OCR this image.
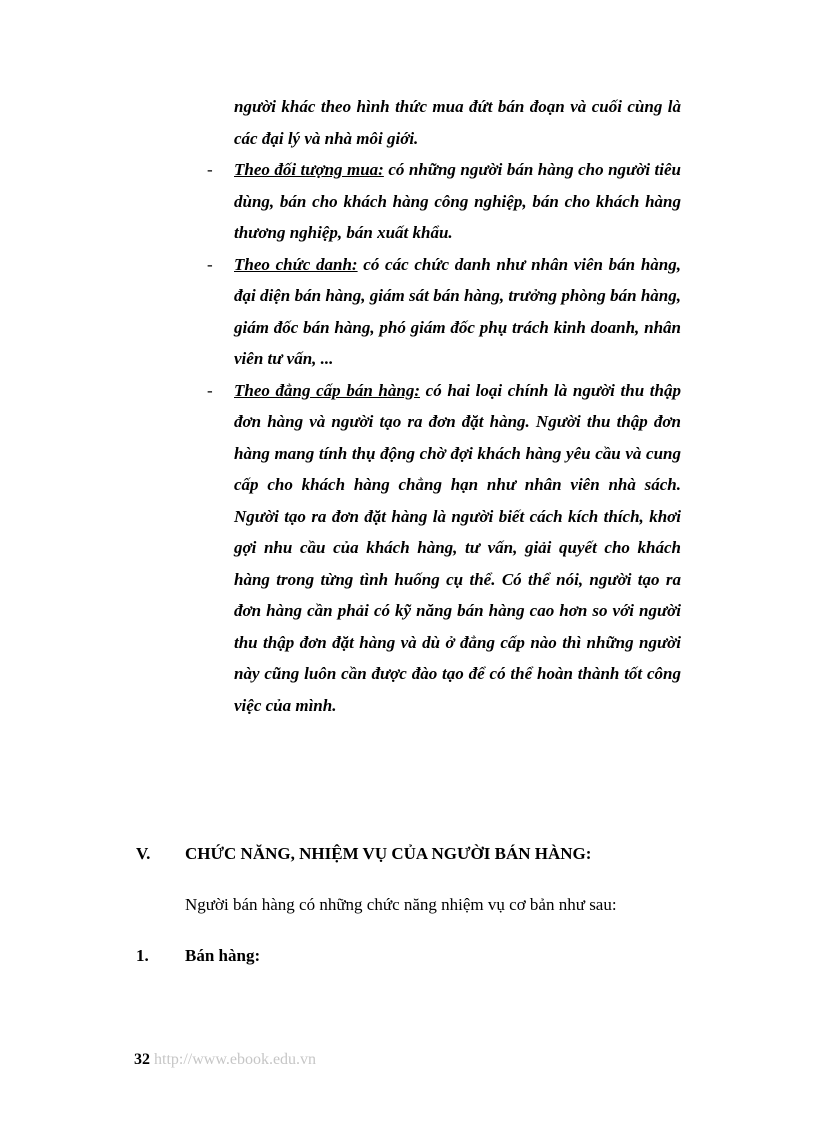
người khác theo hình thức mua đứt bán đoạn và cuối cùng là các đại lý và nhà môi giới.
- Theo đối tượng mua: có những người bán hàng cho người tiêu dùng, bán cho khách hàng công nghiệp, bán cho khách hàng thương nghiệp, bán xuất khẩu.
- Theo chức danh: có các chức danh như nhân viên bán hàng, đại diện bán hàng, giám sát bán hàng, trưởng phòng bán hàng, giám đốc bán hàng, phó giám đốc phụ trách kinh doanh, nhân viên tư vấn, ...
- Theo đẳng cấp bán hàng: có hai loại chính là người thu thập đơn hàng và người tạo ra đơn đặt hàng. Người thu thập đơn hàng mang tính thụ động chờ đợi khách hàng yêu cầu và cung cấp cho khách hàng chẳng hạn như nhân viên nhà sách. Người tạo ra đơn đặt hàng là người biết cách kích thích, khơi gợi nhu cầu của khách hàng, tư vấn, giải quyết cho khách hàng trong từng tình huống cụ thể. Có thể nói, người tạo ra đơn hàng cần phải có kỹ năng bán hàng cao hơn so với người thu thập đơn đặt hàng và dù ở đẳng cấp nào thì những người này cũng luôn cần được đào tạo để có thể hoàn thành tốt công việc của mình.
V. CHỨC NĂNG, NHIỆM VỤ CỦA NGƯỜI BÁN HÀNG:
Người bán hàng có những chức năng nhiệm vụ cơ bản như sau:
1. Bán hàng:
32 http://www.ebook.edu.vn
